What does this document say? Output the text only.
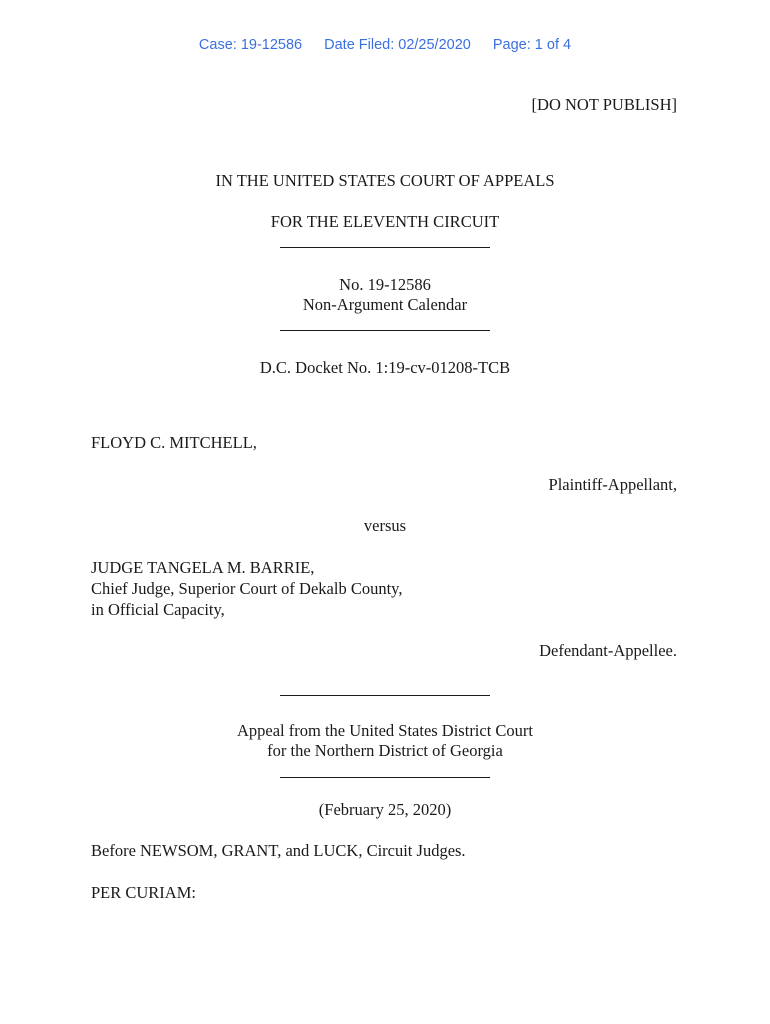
Case: 19-12586 Date Filed: 02/25/2020 Page: 1 of 4
[DO NOT PUBLISH]
IN THE UNITED STATES COURT OF APPEALS
FOR THE ELEVENTH CIRCUIT
No. 19-12586
Non-Argument Calendar
D.C. Docket No. 1:19-cv-01208-TCB
FLOYD C. MITCHELL,
Plaintiff-Appellant,
versus
JUDGE TANGELA M. BARRIE,
Chief Judge, Superior Court of Dekalb County,
in Official Capacity,
Defendant-Appellee.
Appeal from the United States District Court
for the Northern District of Georgia
(February 25, 2020)
Before NEWSOM, GRANT, and LUCK, Circuit Judges.
PER CURIAM:
